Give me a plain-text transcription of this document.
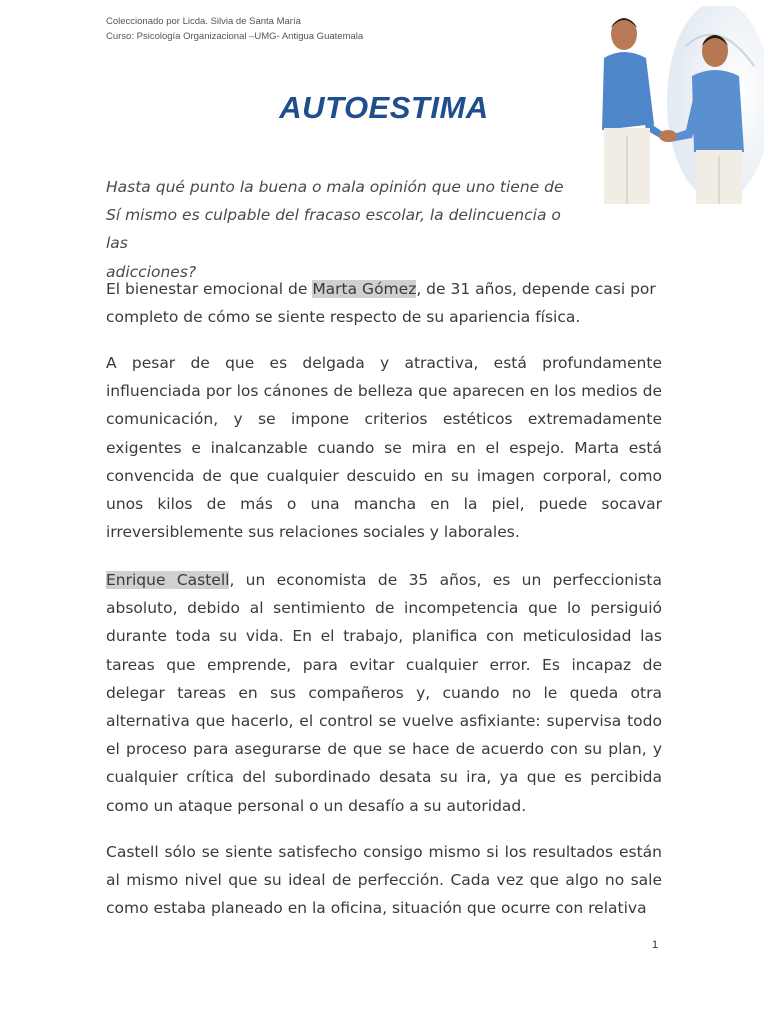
Coleccionado por Licda. Silvia de Santa María
Curso: Psicología Organizacional –UMG- Antigua Guatemala
AUTOESTIMA
Hasta qué punto la buena o mala opinión que uno tiene de
Sí mismo es culpable del fracaso escolar, la delincuencia o las
adicciones?

El bienestar emocional de Marta Gómez, de 31 años, depende casi por completo de cómo se siente respecto de su apariencia física.

A pesar de que es delgada y atractiva, está profundamente influenciada por los cánones de belleza que aparecen en los medios de comunicación, y se impone criterios estéticos extremadamente exigentes e inalcanzable cuando se mira en el espejo. Marta está convencida de que cualquier descuido en su imagen corporal, como unos kilos de más o una mancha en la piel, puede socavar irreversiblemente sus relaciones sociales y laborales.

Enrique Castell, un economista de 35 años, es un perfeccionista absoluto, debido al sentimiento de incompetencia que lo persiguió durante toda su vida. En el trabajo, planifica con meticulosidad las tareas que emprende, para evitar cualquier error. Es incapaz de delegar tareas en sus compañeros y, cuando no le queda otra alternativa que hacerlo, el control se vuelve asfixiante: supervisa todo el proceso para asegurarse de que se hace de acuerdo con su plan, y cualquier crítica del subordinado desata su ira, ya que es percibida como un ataque personal o un desafío a su autoridad.

Castell sólo se siente satisfecho consigo mismo si los resultados están al mismo nivel que su ideal de perfección. Cada vez que algo no sale como estaba planeado en la oficina, situación que ocurre con relativa

1
